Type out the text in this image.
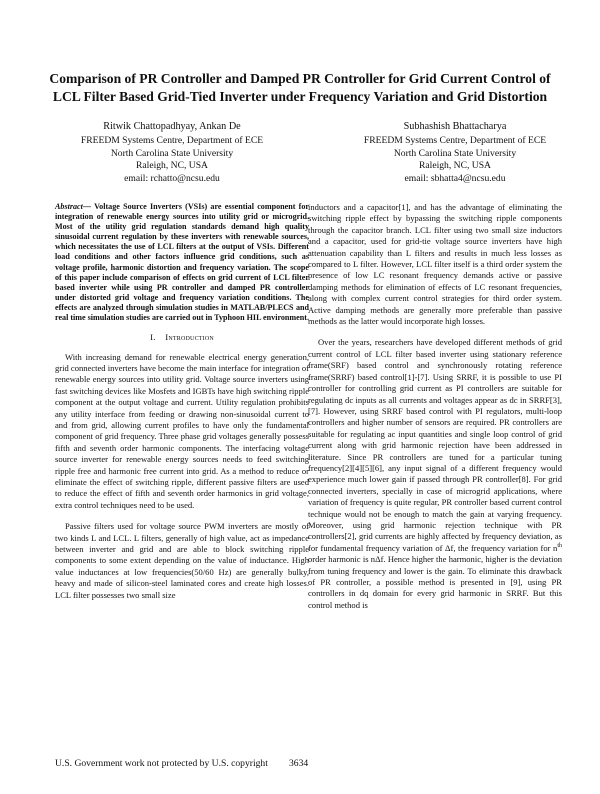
Comparison of PR Controller and Damped PR Controller for Grid Current Control of LCL Filter Based Grid-Tied Inverter under Frequency Variation and Grid Distortion
Ritwik Chattopadhyay, Ankan De
FREEDM Systems Centre, Department of ECE
North Carolina State University
Raleigh, NC, USA
email: rchatto@ncsu.edu
Subhashish Bhattacharya
FREEDM Systems Centre, Department of ECE
North Carolina State University
Raleigh, NC, USA
email: sbhatta4@ncsu.edu

Abstract— Voltage Source Inverters (VSIs) are essential component for integration of renewable energy sources into utility grid or microgrid. Most of the utility grid regulation standards demand high quality sinusoidal current regulation by these inverters with renewable sources, which necessitates the use of LCL filters at the output of VSIs. Different load conditions and other factors influence grid conditions, such as voltage profile, harmonic distortion and frequency variation. The scope of this paper include comparison of effects on grid current of LCL filter based inverter while using PR controller and damped PR controller under distorted grid voltage and frequency variation conditions. The effects are analyzed through simulation studies in MATLAB/PLECS and real time simulation studies are carried out in Typhoon HIL environment.

I. Introduction

With increasing demand for renewable electrical energy generation, grid connected inverters have become the main interface for integration of renewable energy sources into utility grid. Voltage source inverters using fast switching devices like Mosfets and IGBTs have high switching ripple component at the output voltage and current. Utility regulation prohibits any utility interface from feeding or drawing non-sinusoidal current to and from grid, allowing current profiles to have only the fundamental component of grid frequency. Three phase grid voltages generally possess fifth and seventh order harmonic components. The interfacing voltage source inverter for renewable energy sources needs to feed switching ripple free and harmonic free current into grid. As a method to reduce or eliminate the effect of switching ripple, different passive filters are used to reduce the effect of fifth and seventh order harmonics in grid voltage, extra control techniques need to be used.

Passive filters used for voltage source PWM inverters are mostly of two kinds L and LCL. L filters, generally of high value, act as impedance between inverter and grid and are able to block switching ripple components to some extent depending on the value of inductance. High value inductances at low frequencies(50/60 Hz) are generally bulky, heavy and made of silicon-steel laminated cores and create high losses. LCL filter possesses two small size

inductors and a capacitor[1], and has the advantage of eliminating the switching ripple effect by bypassing the switching ripple components through the capacitor branch. LCL filter using two small size inductors and a capacitor, used for grid-tie voltage source inverters have high attenuation capability than L filters and results in much less losses as compared to L filter. However, LCL filter itself is a third order system the presence of low LC resonant frequency demands active or passive damping methods for elimination of effects of LC resonant frequencies, along with complex current control strategies for third order system. Active damping methods are generally more preferable than passive methods as the latter would incorporate high losses.

Over the years, researchers have developed different methods of grid current control of LCL filter based inverter using stationary reference frame(SRF) based control and synchronously rotating reference frame(SRRF) based control[1]-[7]. Using SRRF, it is possible to use PI controller for controlling grid current as PI controllers are suitable for regulating dc inputs as all currents and voltages appear as dc in SRRF[3],[7]. However, using SRRF based control with PI regulators, multi-loop controllers and higher number of sensors are required. PR controllers are suitable for regulating ac input quantities and single loop control of grid current along with grid harmonic rejection have been addressed in literature. Since PR controllers are tuned for a particular tuning frequency[2][4][5][6], any input signal of a different frequency would experience much lower gain if passed through PR controller[8]. For grid connected inverters, specially in case of microgrid applications, where variation of frequency is quite regular, PR controller based current control technique would not be enough to match the gain at varying frequency. Moreover, using grid harmonic rejection technique with PR controllers[2], grid currents are highly affected by frequency deviation, as for fundamental frequency variation of Δf, the frequency variation for $n^{th}$ order harmonic is nΔf. Hence higher the harmonic, higher is the deviation from tuning frequency and lower is the gain. To eliminate this drawback of PR controller, a possible method is presented in [9], using PR controllers in dq domain for every grid harmonic in SRRF. But this control method is

U.S. Government work not protected by U.S. copyright 3634
